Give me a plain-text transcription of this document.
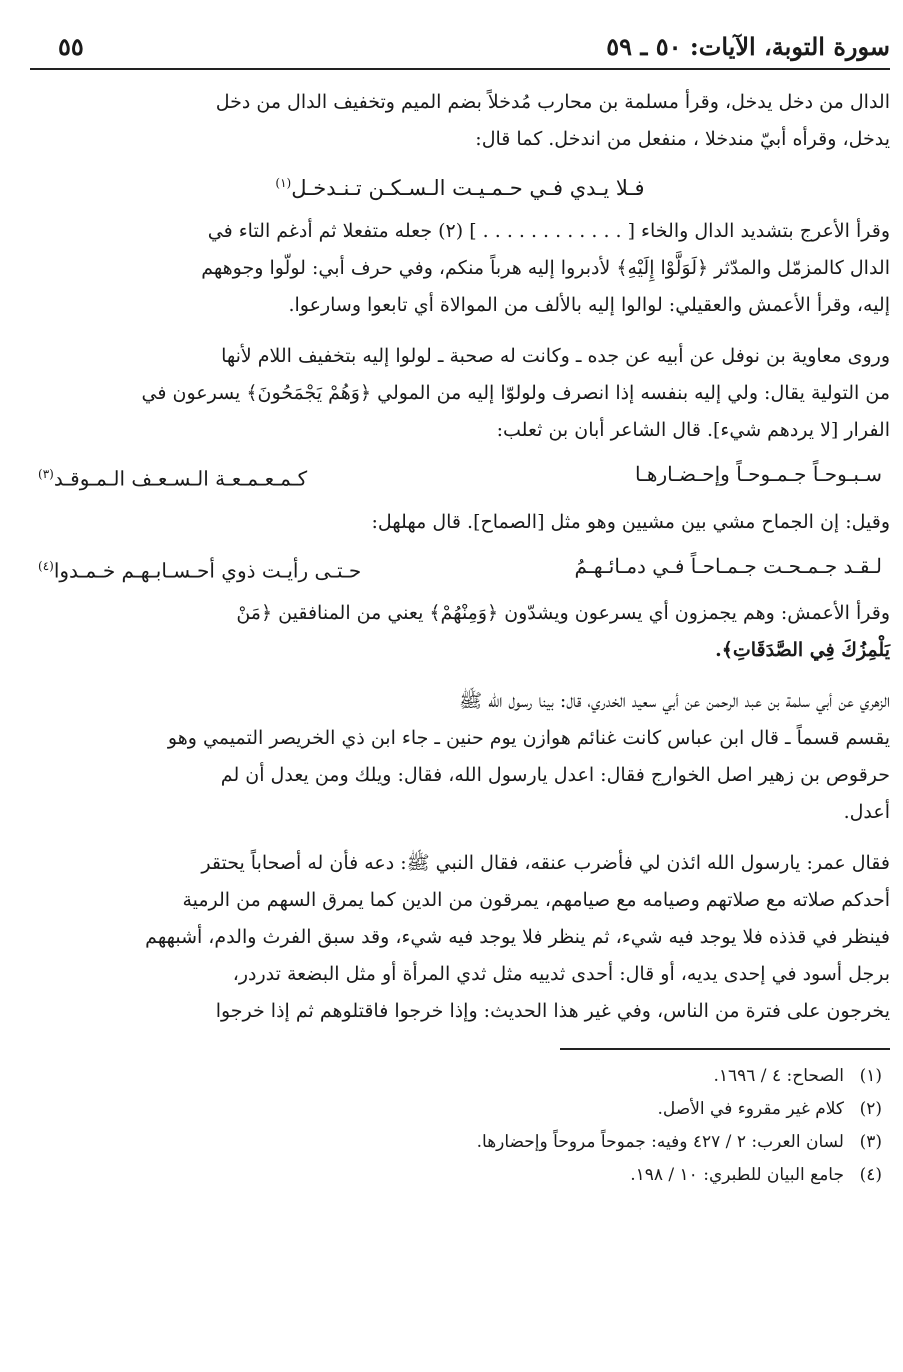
سورة التوبة، الآيات: ٥٠ ـ ٥٩
٥٥

الدال من دخل يدخل، وقرأ مسلمة بن محارب مُدخلاً بضم الميم وتخفيف الدال من دخل

يدخل، وقرأه أبيّ مندخلا ، منفعل من اندخل. كما قال:

فـلا يـدي فـي حـمـيـت الـسـكـن تـنـدخـل$^{(١)}$

وقرأ الأعرج بتشديد الدال والخاء [ . . . . . . . . . . . . ] (٢) جعله متفعلا ثم أدغم التاء في

الدال كالمزمّل والمدّثر ﴿لَوَلَّوْا إِلَيْهِ﴾ لأدبروا إليه هرباً منكم، وفي حرف أبي: لولّوا وجوههم

إليه، وقرأ الأعمش والعقيلي: لوالوا إليه بالألف من الموالاة أي تابعوا وسارعوا.

وروى معاوية بن نوفل عن أبيه عن جده ـ وكانت له صحبة ـ لولوا إليه بتخفيف اللام لأنها

من التولية يقال: ولي إليه بنفسه إذا انصرف ولولوّا إليه من المولي ﴿وَهُمْ يَجْمَحُونَ﴾ يسرعون في

الفرار [لا يردهم شيء]. قال الشاعر أبان بن ثعلب:

سـبـوحـاً جـمـوحـاً وإحـضـارهـا
كـمـعـمـعـة الـسـعـف الـمـوقـد$^{(٣)}$

وقيل: إن الجماح مشي بين مشيين وهو مثل [الصماح]. قال مهلهل:

لـقـد جـمـحـت جـمـاحـاً فـي دمـائـهـمُ
حـتـى رأيـت ذوي أحـسـابـهـم خـمـدوا$^{(٤)}$

وقرأ الأعمش: وهم يجمزون أي يسرعون ويشدّون ﴿وَمِنْهُمْ﴾ يعني من المنافقين ﴿مَنْ

يَلْمِزُكَ فِي الصَّدَقَاتِ﴾.

الزهري عن أبي سلمة بن عبد الرحمن عن أبي سعيد الخدري، قال: بينا رسول الله ﷺ

يقسم قسماً ـ قال ابن عباس كانت غنائم هوازن يوم حنين ـ جاء ابن ذي الخريصر التميمي وهو

حرقوص بن زهير اصل الخوارج فقال: اعدل يارسول الله، فقال: ويلك ومن يعدل أن لم

أعدل.

فقال عمر: يارسول الله ائذن لي فأضرب عنقه، فقال النبي ﷺ: دعه فأن له أصحاباً يحتقر

أحدكم صلاته مع صلاتهم وصيامه مع صيامهم، يمرقون من الدين كما يمرق السهم من الرمية

فينظر في قذذه فلا يوجد فيه شيء، ثم ينظر فلا يوجد فيه شيء، وقد سبق الفرث والدم، أشبههم

برجل أسود في إحدى يديه، أو قال: أحدى ثدييه مثل ثدي المرأة أو مثل البضعة تدردر،

يخرجون على فترة من الناس، وفي غير هذا الحديث: وإذا خرجوا فاقتلوهم ثم إذا خرجوا

(١)
الصحاح: ٤ / ١٦٩٦.
(٢)
كلام غير مقروء في الأصل.
(٣)
لسان العرب: ٢ / ٤٢٧ وفيه: جموحاً مروحاً وإحضارها.
(٤)
جامع البيان للطبري: ١٠ / ١٩٨.
